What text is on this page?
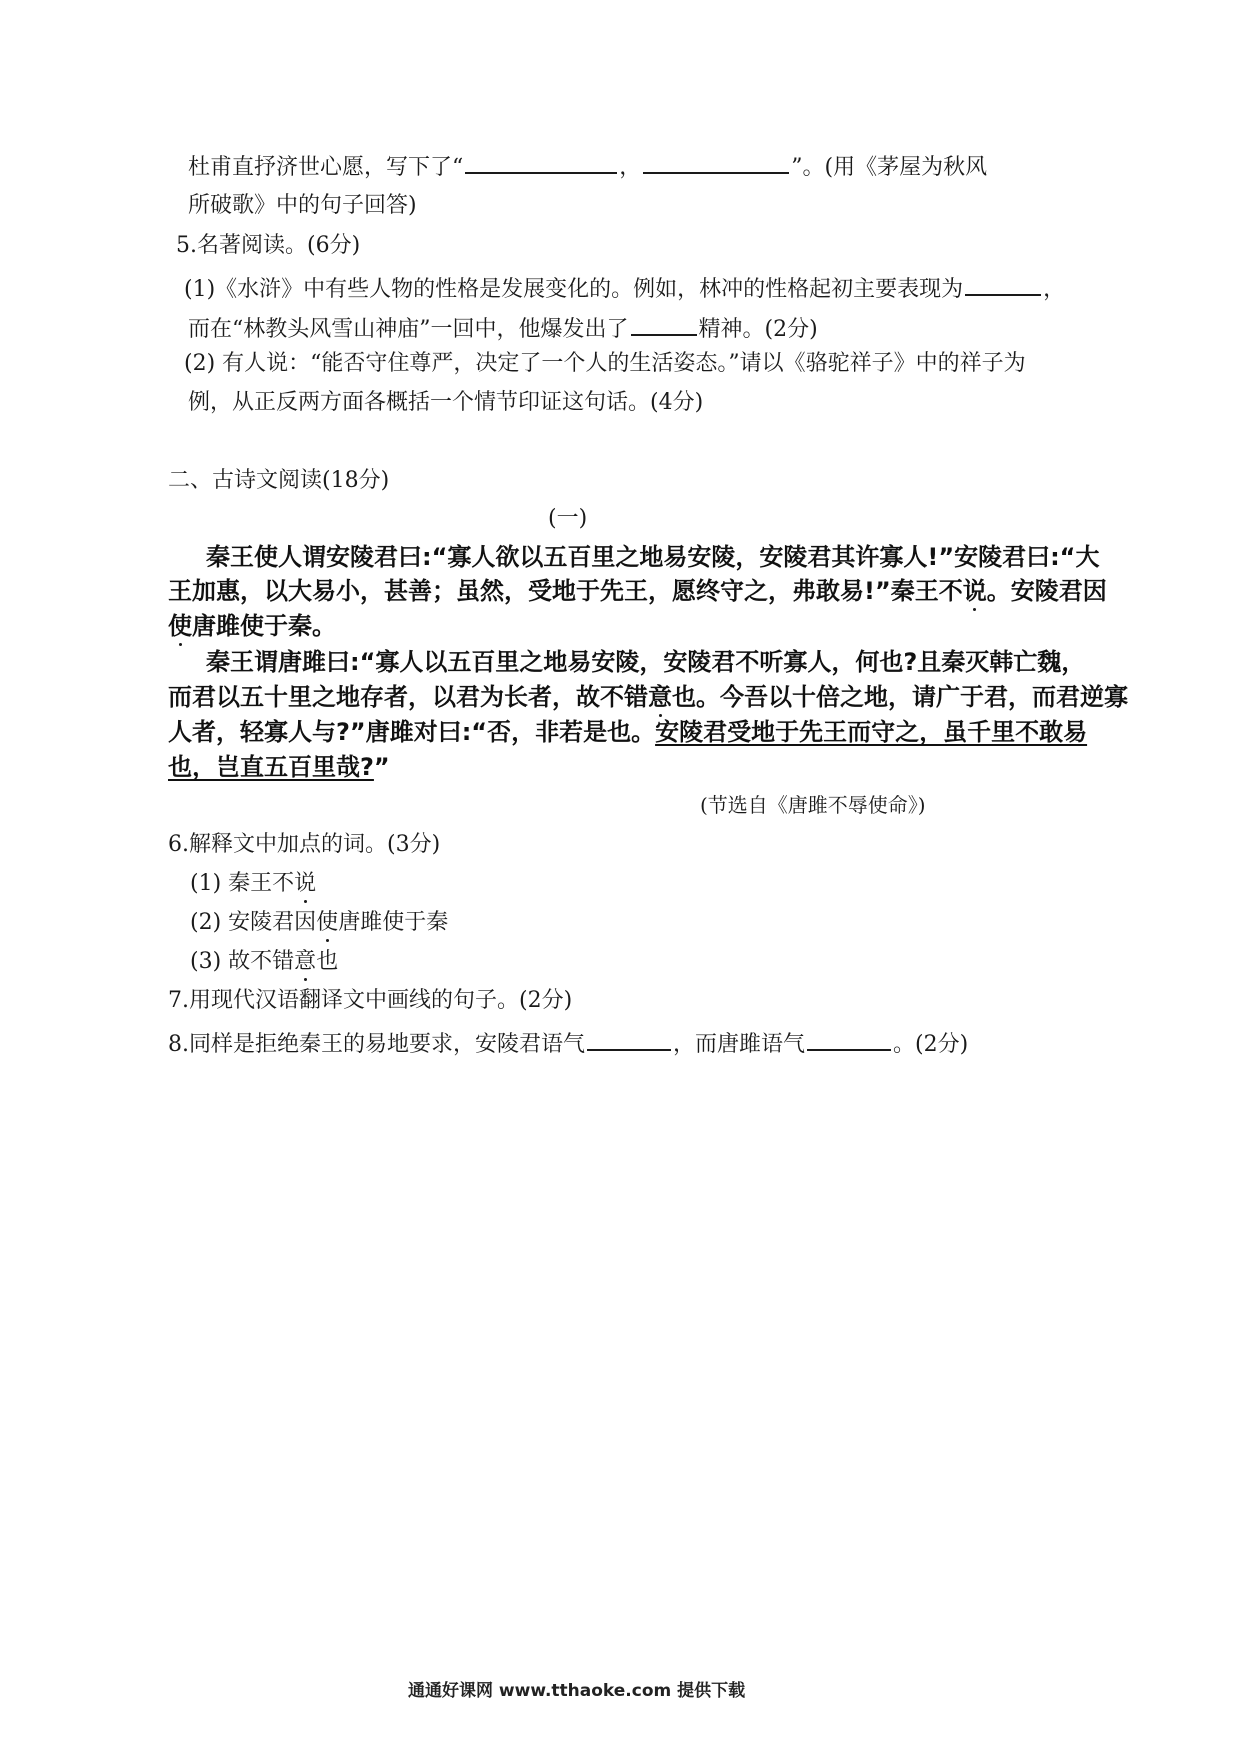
杜甫直抒济世心愿，写下了“	，	”。(用《茅屋为秋风
所破歌》中的句子回答)
5.名著阅读。(6分)
(1)《水浒》中有些人物的性格是发展变化的。例如，林冲的性格起初主要表现为	，
而在“林教头风雪山神庙”一回中，他爆发出了	精神。(2分)
(2) 有人说：“能否守住尊严，决定了一个人的生活姿态。”请以《骆驼祥子》中的祥子为
例，从正反两方面各概括一个情节印证这句话。(4分)
二、古诗文阅读(18分)
(一)
秦王使人谓安陵君曰:“寡人欲以五百里之地易安陵，安陵君其许寡人!”安陵君曰:“大
王加惠，以大易小，甚善；虽然，受地于先王，愿终守之，弗敢易!”秦王不说。安陵君因
使唐雎使于秦。
秦王谓唐雎曰:“寡人以五百里之地易安陵，安陵君不听寡人，何也?且秦灭韩亡魏，
而君以五十里之地存者，以君为长者，故不错意也。今吾以十倍之地，请广于君，而君逆寡
人者，轻寡人与?”唐雎对曰:“否，非若是也。安陵君受地于先王而守之，虽千里不敢易
也，岂直五百里哉?”
(节选自《唐雎不辱使命》)
6.解释文中加点的词。(3分)
(1) 秦王不说
(2) 安陵君因使唐雎使于秦
(3) 故不错意也
7.用现代汉语翻译文中画线的句子。(2分)
8.同样是拒绝秦王的易地要求，安陵君语气	，而唐雎语气	。(2分)
通通好课网 www.tthaoke.com 提供下载
